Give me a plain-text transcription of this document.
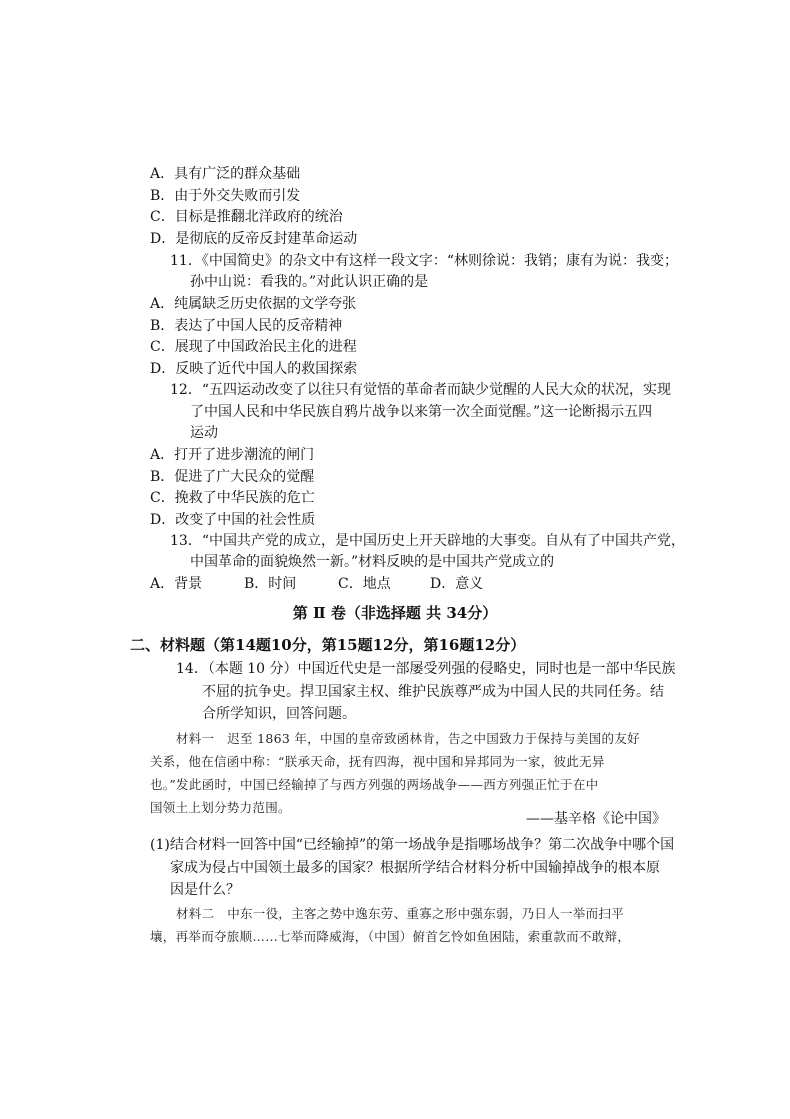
A．具有广泛的群众基础
B．由于外交失败而引发
C．目标是推翻北洋政府的统治
D．是彻底的反帝反封建革命运动
11．《中国简史》的杂文中有这样一段文字：“林则徐说：我销；康有为说：我变；
孙中山说：看我的。”对此认识正确的是
A．纯属缺乏历史依据的文学夸张
B．表达了中国人民的反帝精神
C．展现了中国政治民主化的进程
D．反映了近代中国人的救国探索
12．“五四运动改变了以往只有觉悟的革命者而缺少觉醒的人民大众的状况，实现
了中国人民和中华民族自鸦片战争以来第一次全面觉醒。”这一论断揭示五四
运动
A．打开了进步潮流的闸门
B．促进了广大民众的觉醒
C．挽救了中华民族的危亡
D．改变了中国的社会性质
13．“中国共产党的成立，是中国历史上开天辟地的大事变。自从有了中国共产党，
中国革命的面貌焕然一新。”材料反映的是中国共产党成立的
A．背景	B．时间	C．地点	D．意义
第 Ⅱ 卷（非选择题 共 34分）
二、材料题（第14题10分，第15题12分，第16题12分）
14．（本题 10 分）中国近代史是一部屡受列强的侵略史，同时也是一部中华民族
不屈的抗争史。捍卫国家主权、维护民族尊严成为中国人民的共同任务。结
合所学知识，回答问题。
材料一　迟至 1863 年，中国的皇帝致函林肯，告之中国致力于保持与美国的友好
关系，他在信函中称：“朕承天命，抚有四海，视中国和异邦同为一家，彼此无异
也。”发此函时，中国已经输掉了与西方列强的两场战争——西方列强正忙于在中
国领土上划分势力范围。
——基辛格《论中国》
(1)结合材料一回答中国“已经输掉”的第一场战争是指哪场战争？第二次战争中哪个国
家成为侵占中国领土最多的国家？根据所学结合材料分析中国输掉战争的根本原
因是什么？
材料二　中东一役，主客之势中逸东劳、重寡之形中强东弱，乃日人一举而扫平
壤，再举而夺旅顺……七举而降威海，（中国）俯首乞怜如鱼困陆，索重款而不敢辩，
